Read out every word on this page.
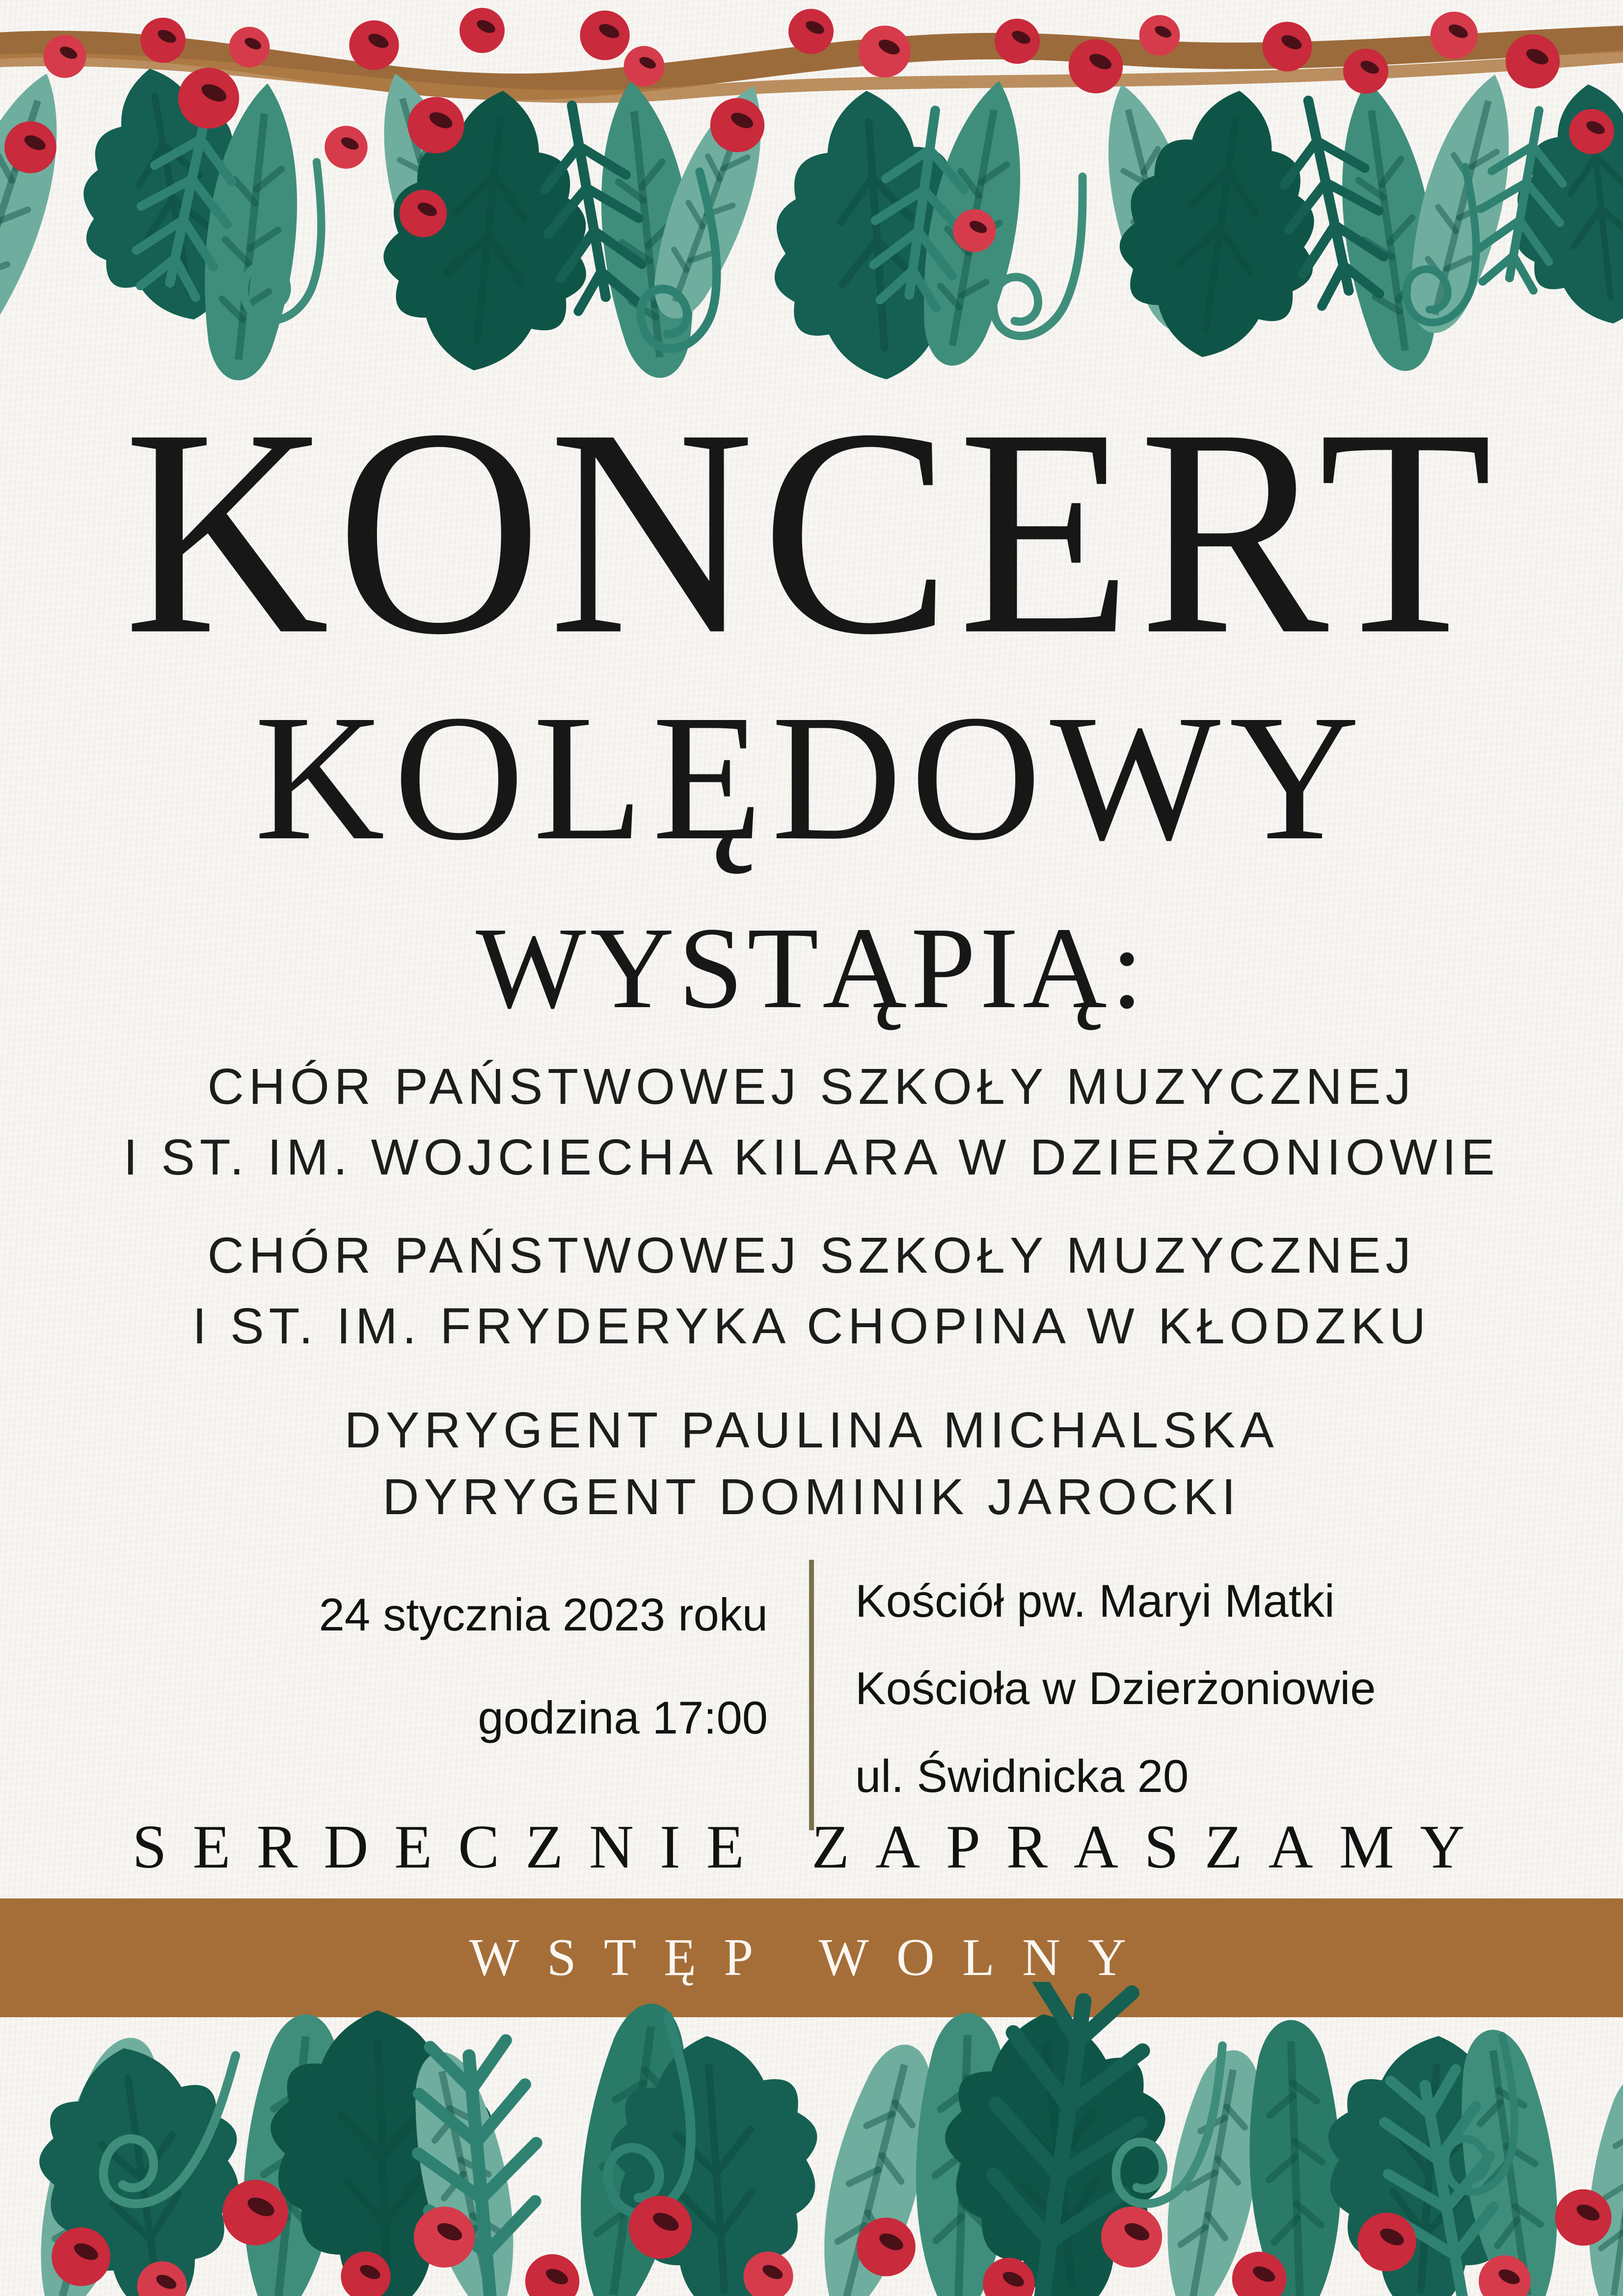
KONCERT
KOLĘDOWY
WYSTĄPIĄ:
CHÓR PAŃSTWOWEJ SZKOŁY MUZYCZNEJ
I ST. IM. WOJCIECHA KILARA W DZIERŻONIOWIE
CHÓR PAŃSTWOWEJ SZKOŁY MUZYCZNEJ
I ST. IM. FRYDERYKA CHOPINA W KŁODZKU
DYRYGENT PAULINA MICHALSKA
DYRYGENT DOMINIK JAROCKI
24 stycznia 2023 roku
godzina 17:00
Kościół pw. Maryi Matki
Kościoła w Dzierżoniowie
ul. Świdnicka 20
SERDECZNIE ZAPRASZAMY
WSTĘP WOLNY
